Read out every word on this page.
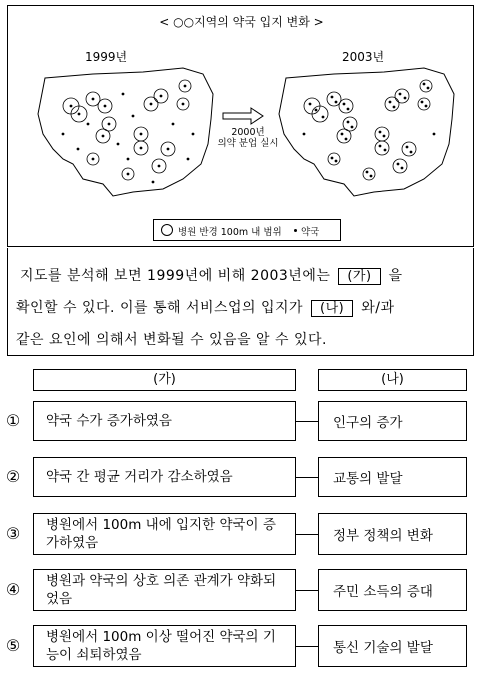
< ○○지역의 약국 입지 변화 >
1999년	2003년
2000년
의약 분업 실시
병원 반경 100m 내 범위 약국
지도를 분석해 보면 1999년에 비해 2003년에는 (가) 을
확인할 수 있다. 이를 통해 서비스업의 입지가 (나) 와/과
같은 요인에 의해서 변화될 수 있음을 알 수 있다.
(가)	(나)
①	약국 수가 증가하였음	인구의 증가
②	약국 간 평균 거리가 감소하였음	교통의 발달
③	병원에서 100m 내에 입지한 약국이 증가하였음	정부 정책의 변화
④	병원과 약국의 상호 의존 관계가 약화되었음	주민 소득의 증대
⑤	병원에서 100m 이상 떨어진 약국의 기능이 쇠퇴하였음	통신 기술의 발달
